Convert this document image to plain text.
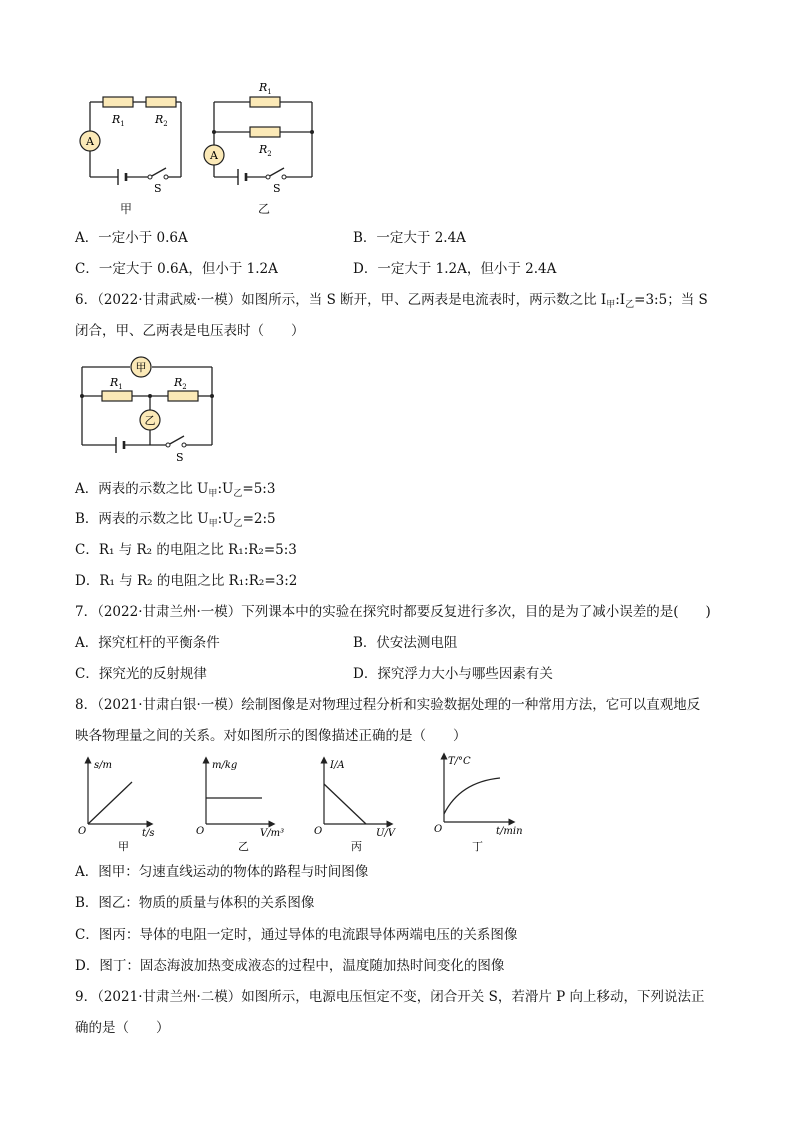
A
$R_1$	$R_2$
S
甲
A
$R_1$
$R_2$
S
乙
A．一定小于 0.6A	B．一定大于 2.4A
C．一定大于 0.6A，但小于 1.2A	D．一定大于 1.2A，但小于 2.4A
6．（2022·甘肃武威·一模）如图所示，当 S 断开，甲、乙两表是电流表时，两示数之比 $I_甲:I_乙=3:5$；当 S
闭合，甲、乙两表是电压表时（　　）
甲
乙
$R_1$	$R_2$
S
A．两表的示数之比 $U_甲:U_乙=5:3$
B．两表的示数之比 $U_甲:U_乙=2:5$
C．R₁ 与 R₂ 的电阻之比 R₁:R₂=5:3
D．R₁ 与 R₂ 的电阻之比 R₁:R₂=3:2
7．（2022·甘肃兰州·一模）下列课本中的实验在探究时都要反复进行多次，目的是为了减小误差的是(　　)
A．探究杠杆的平衡条件	B．伏安法测电阻
C．探究光的反射规律	D．探究浮力大小与哪些因素有关
8．（2021·甘肃白银·一模）绘制图像是对物理过程分析和实验数据处理的一种常用方法，它可以直观地反
映各物理量之间的关系。对如图所示的图像描述正确的是（　　）
s/m
t/s
O
甲
m/kg
V/m³
O
乙
I/A
U/V
O
丙
T/°C
t/min
O
丁
A．图甲：匀速直线运动的物体的路程与时间图像
B．图乙：物质的质量与体积的关系图像
C．图丙：导体的电阻一定时，通过导体的电流跟导体两端电压的关系图像
D．图丁：固态海波加热变成液态的过程中，温度随加热时间变化的图像
9．（2021·甘肃兰州·二模）如图所示，电源电压恒定不变，闭合开关 S，若滑片 P 向上移动，下列说法正
确的是（　　）
